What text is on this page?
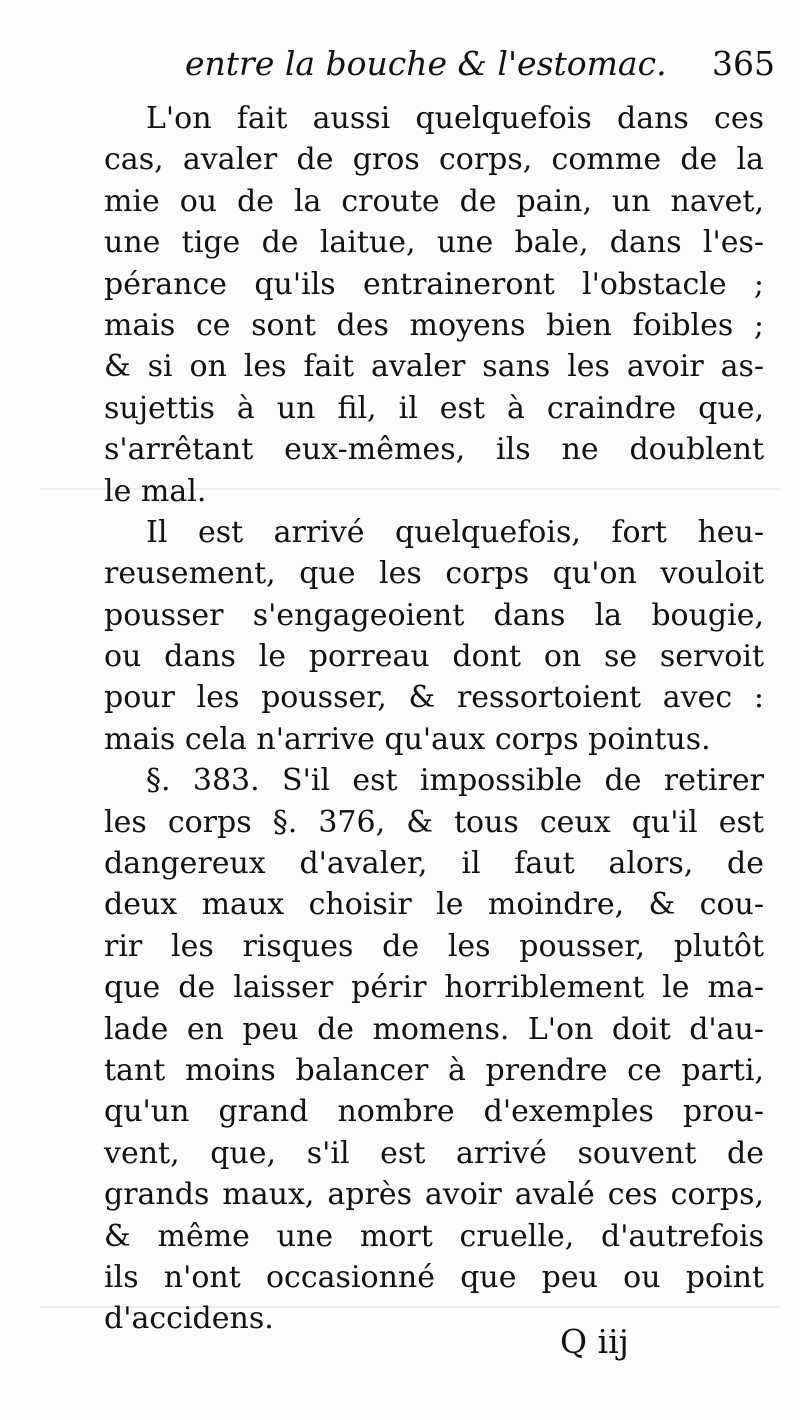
entre la bouche & l'estomac. 365
L'on fait aussi quelquefois dans ces
cas, avaler de gros corps, comme de la
mie ou de la croute de pain, un navet,
une tige de laitue, une bale, dans l'es-
pérance qu'ils entraineront l'obstacle ;
mais ce sont des moyens bien foibles ;
& si on les fait avaler sans les avoir as-
sujettis à un fil, il est à craindre que,
s'arrêtant eux-mêmes, ils ne doublent
le mal.
Il est arrivé quelquefois, fort heu-
reusement, que les corps qu'on vouloit
pousser s'engageoient dans la bougie,
ou dans le porreau dont on se servoit
pour les pousser, & ressortoient avec :
mais cela n'arrive qu'aux corps pointus.
§. 383. S'il est impossible de retirer
les corps §. 376, & tous ceux qu'il est
dangereux d'avaler, il faut alors, de
deux maux choisir le moindre, & cou-
rir les risques de les pousser, plutôt
que de laisser périr horriblement le ma-
lade en peu de momens. L'on doit d'au-
tant moins balancer à prendre ce parti,
qu'un grand nombre d'exemples prou-
vent, que, s'il est arrivé souvent de
grands maux, après avoir avalé ces corps,
& même une mort cruelle, d'autrefois
ils n'ont occasionné que peu ou point
d'accidens.
Q iij
